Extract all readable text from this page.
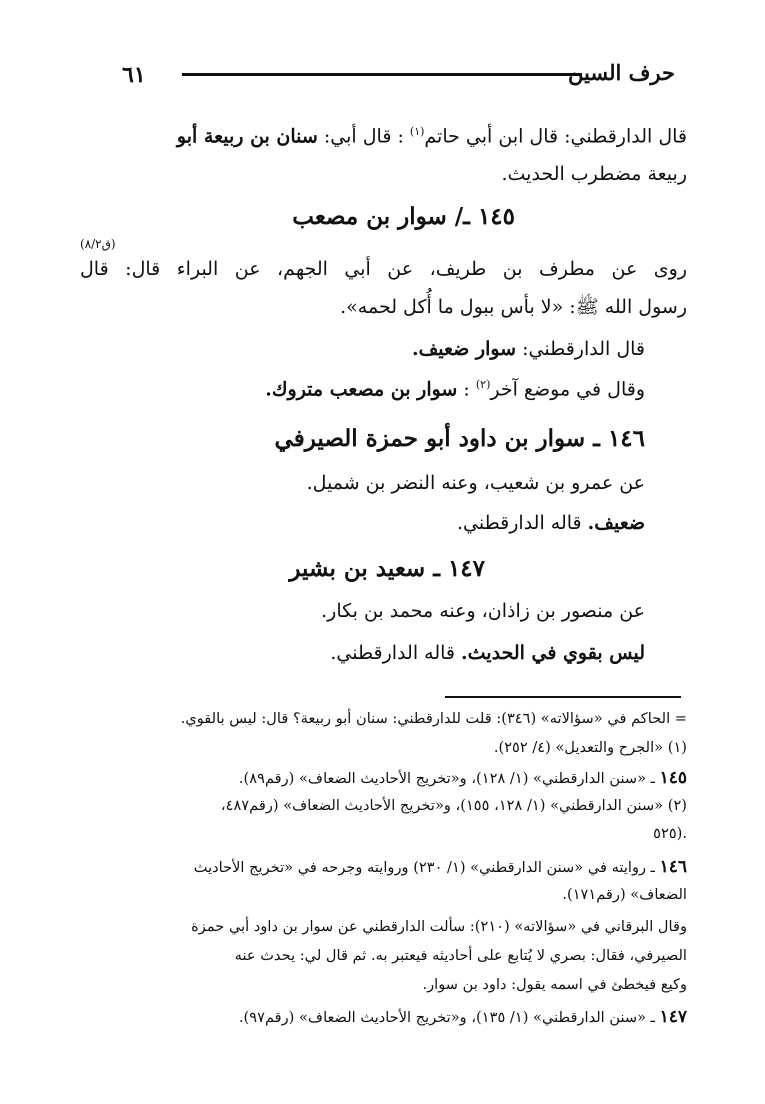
٦١	حرف السين
قال الدارقطني: قال ابن أبي حاتم$^{(١)}$ : قال أبي: سنان بن ربيعة أبو
ربيعة مضطرب الحديث.
١٤٥ ـ/ سوار بن مصعب
(ق٨/٢)
روى عن مطرف بن طريف، عن أبي الجهم، عن البراء قال: قال
رسول الله ﷺ: «لا بأس ببول ما أُكل لحمه».
قال الدارقطني: سوار ضعيف.
وقال في موضع آخر$^{(٢)}$ : سوار بن مصعب متروك.
١٤٦ ـ سوار بن داود أبو حمزة الصيرفي
عن عمرو بن شعيب، وعنه النضر بن شميل.
ضعيف. قاله الدارقطني.
١٤٧ ـ سعيد بن بشير
عن منصور بن زاذان، وعنه محمد بن بكار.
ليس بقوي في الحديث. قاله الدارقطني.
= الحاكم في «سؤالاته» (٣٤٦): قلت للدارقطني: سنان أبو ربيعة؟ قال: ليس بالقوي.
(١) «الجرح والتعديل» (٤/ ٢٥٢).
١٤٥ ـ «سنن الدارقطني» (١/ ١٢٨)، و«تخريج الأحاديث الضعاف» (رقم٨٩).
(٢) «سنن الدارقطني» (١/ ١٢٨، ١٥٥)، و«تخريج الأحاديث الضعاف» (رقم٤٨٧،
٥٢٥).
١٤٦ ـ روايته في «سنن الدارقطني» (١/ ٢٣٠) وروايته وجرحه في «تخريج الأحاديث
الضعاف» (رقم١٧١).
وقال البرقاني في «سؤالاته» (٢١٠): سألت الدارقطني عن سوار بن داود أبي حمزة
الصيرفي، فقال: بصري لا يُتابع على أحاديثه فيعتبر به. ثم قال لي: يحدث عنه
وكيع فيخطئ في اسمه يقول: داود بن سوار.
١٤٧ ـ «سنن الدارقطني» (١/ ١٣٥)، و«تخريج الأحاديث الضعاف» (رقم٩٧).
